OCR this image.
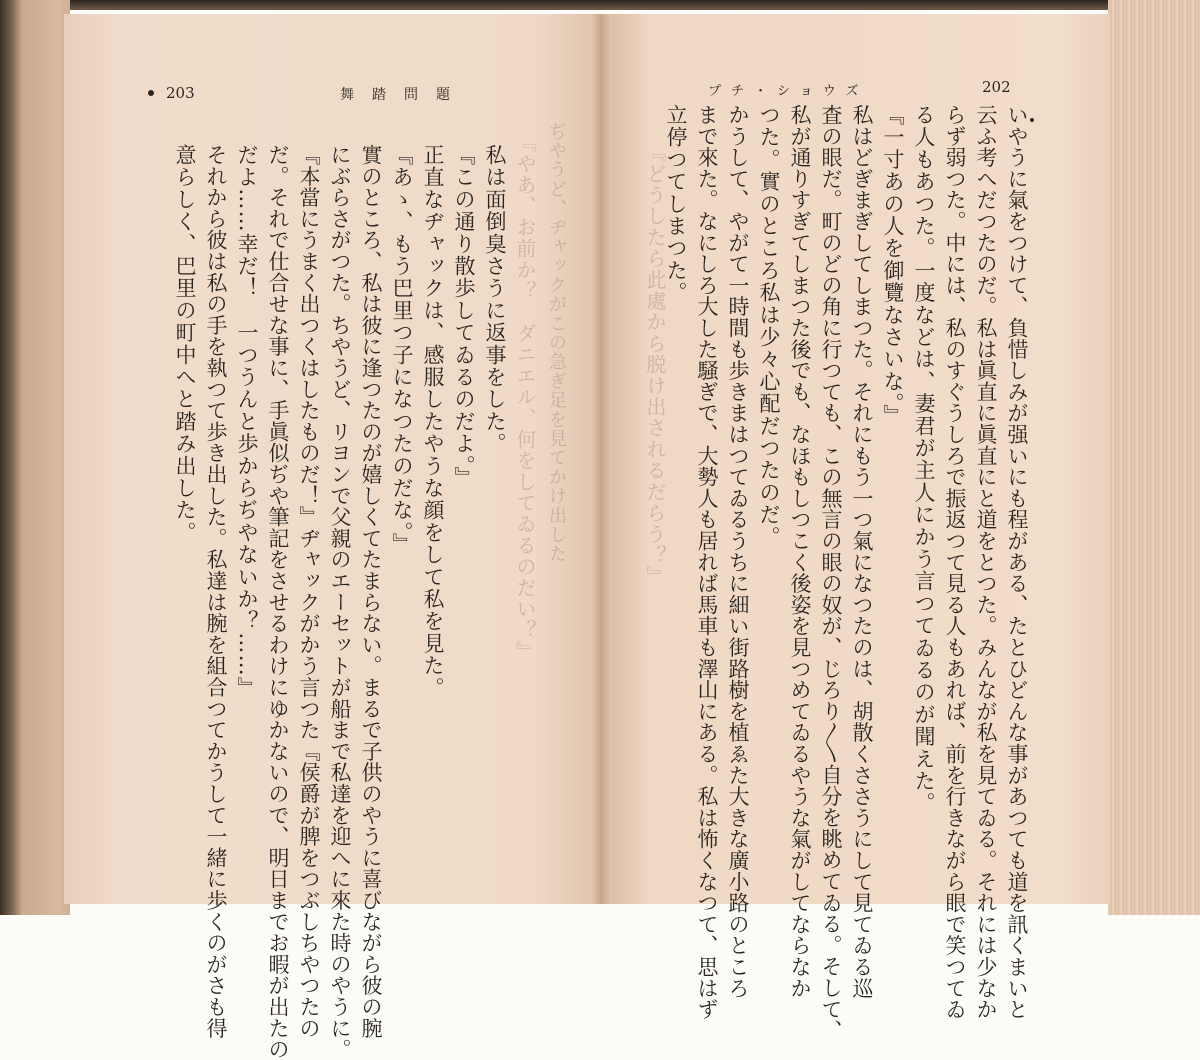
203	舞踏問題	プチ・ショウズ	202
『やあ、お前か？　ダニエル、何をしてゐるのだい？』 ぢやうど、ヂャックがこの急ぎ足を見てかけ出した
意らしく、巴里の町中へと踏み出した。 それから彼は私の手を執つて歩き出した。私達は腕を組合つてかうして一緒に歩くのがさも得 だよ……幸だ！　一つうんと歩からぢやないか？……』 だ。それで仕合せな事に、手眞似ぢや筆記をさせるわけにゆかないので、明日までお暇が出たの 『本當にうまく出つくはしたものだ！』ヂャックがかう言つた『侯爵が脾をつぶしちやつたの にぶらさがつた。ちやうど、リヨンで父親のエーセットが船まで私達を迎へに來た時のやうに。 實のところ、私は彼に逢つたのが嬉しくてたまらない。まるで子供のやうに喜びながら彼の腕 『あゝ、もう巴里つ子になつたのだな。』 正直なヂャックは、感服したやうな顔をして私を見た。 『この通り散歩してゐるのだよ。』 私は面倒臭さうに返事をした。	『どうしたら此處から脱け出されるだらう？』	いやうに氣をつけて、負惜しみが强いにも程がある、たとひどんな事があつても道を訊くまいと
云ふ考へだつたのだ。私は眞直に眞直にと道をとつた。みんなが私を見てゐる。それには少なか
らず弱つた。中には、私のすぐうしろで振返つて見る人もあれば、前を行きながら眼で笑つてゐ
る人もあつた。一度などは、妻君が主人にかう言つてゐるのが聞えた。
『一寸あの人を御覽なさいな。』
私はどぎまぎしてしまつた。それにもう一つ氣になつたのは、胡散くささうにして見てゐる巡
査の眼だ。町のどの角に行つても、この無言の眼の奴が、じろり〳〵自分を眺めてゐる。そして、
私が通りすぎてしまつた後でも、なほもしつこく後姿を見つめてゐるやうな氣がしてならなか
つた。實のところ私は少々心配だつたのだ。
かうして、やがて一時間も歩きまはつてゐるうちに細い街路樹を植ゑた大きな廣小路のところ
まで來た。なにしろ大した騒ぎで、大勢人も居れば馬車も澤山にある。私は怖くなつて、思はず
立停つてしまつた。
